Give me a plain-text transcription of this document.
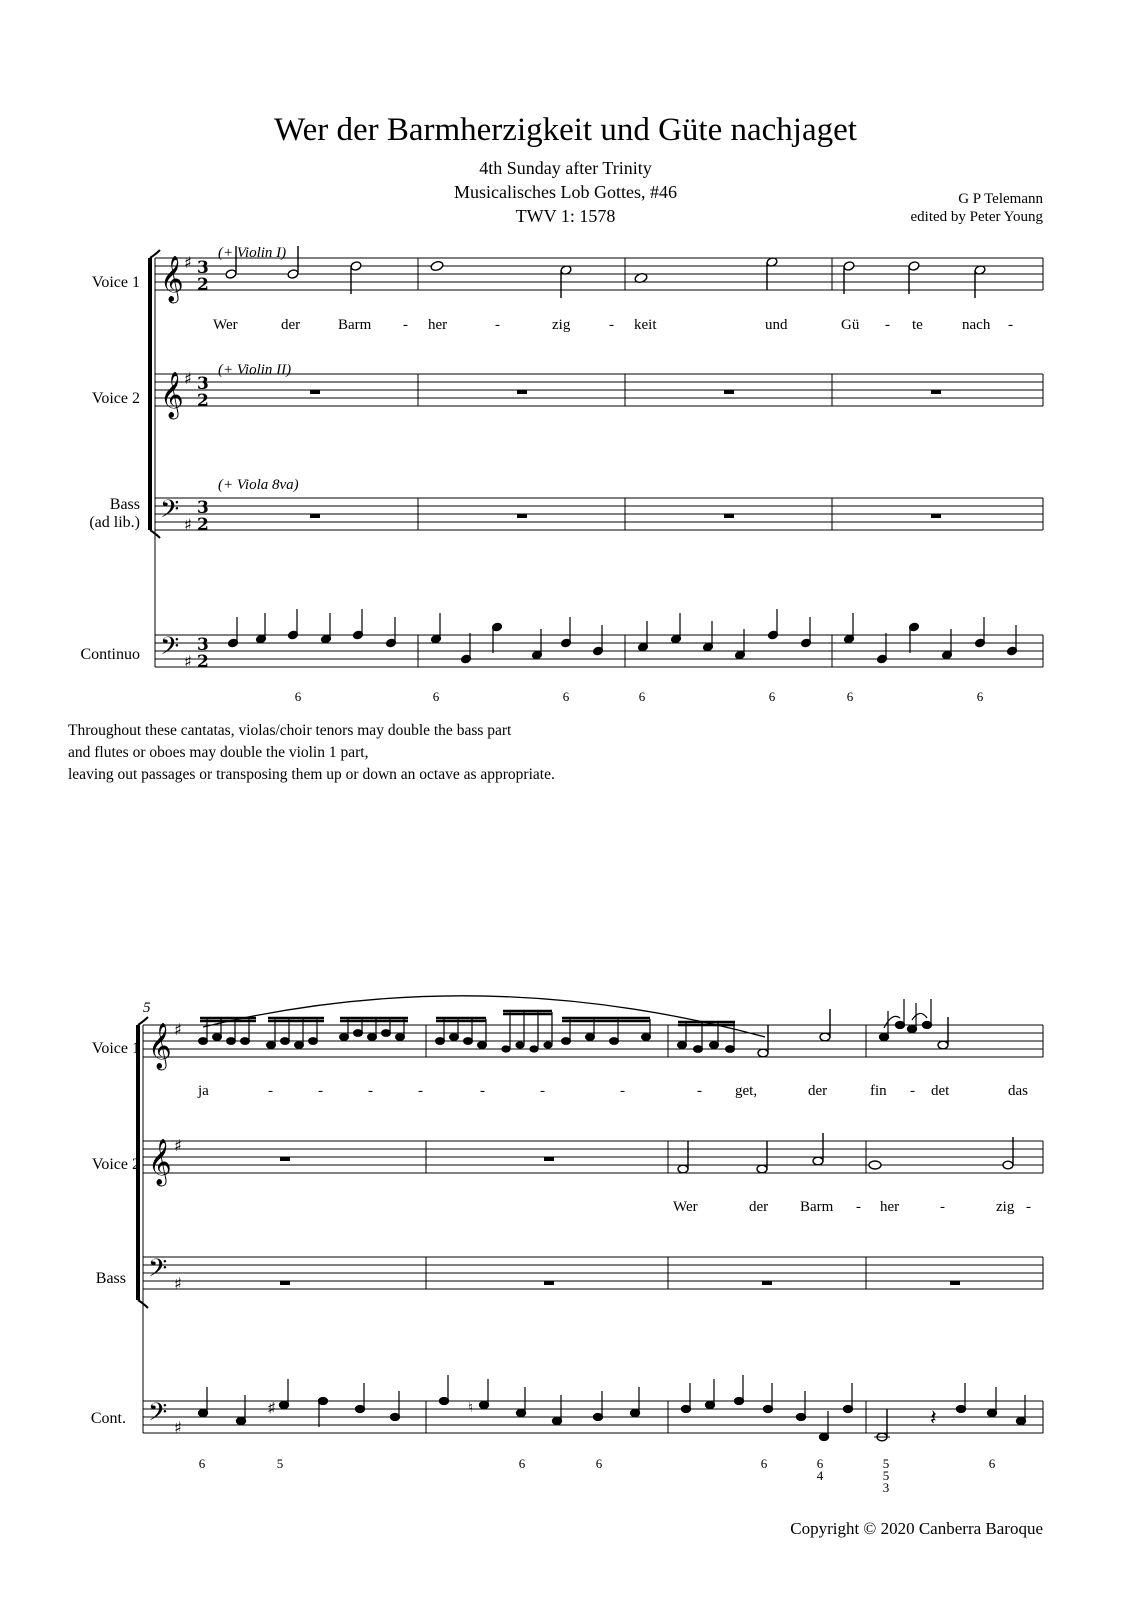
Wer der Barmherzigkeit und Güte nachjaget
4th Sunday after Trinity
Musicalisches Lob Gottes, #46
TWV 1: 1578
G P Telemann
edited by Peter Young
Voice 1
Voice 2
Bass
(ad lib.)
Continuo
(+ Violin I)
(+ Violin II)
(+ Viola 8va)
Wer	der	Barm - her	-	zig	- keit	und	Gü - te	nach -
6	6	6	6	6	6	6
Throughout these cantatas, violas/choir tenors may double the bass part
and flutes or oboes may double the violin 1 part,
leaving out passages or transposing them up or down an octave as appropriate.
5
Voice 1
Voice 2
Bass
Cont.
ja	-	-	-	-	-	-	-	- get,	der	fin - det	das
Wer	der Barm - her	-	zig -
6	5	6	6	6	6	6
5
5
4
3
Copyright © 2020 Canberra Baroque
𝄞
𝄞
𝄢
𝄢
♯
♯
♯
♯
3
2
3
2
3
2
3
2
𝄞
𝄞
𝄢
𝄢
♯
♯
♯
♯
♯	♮	𝄽
